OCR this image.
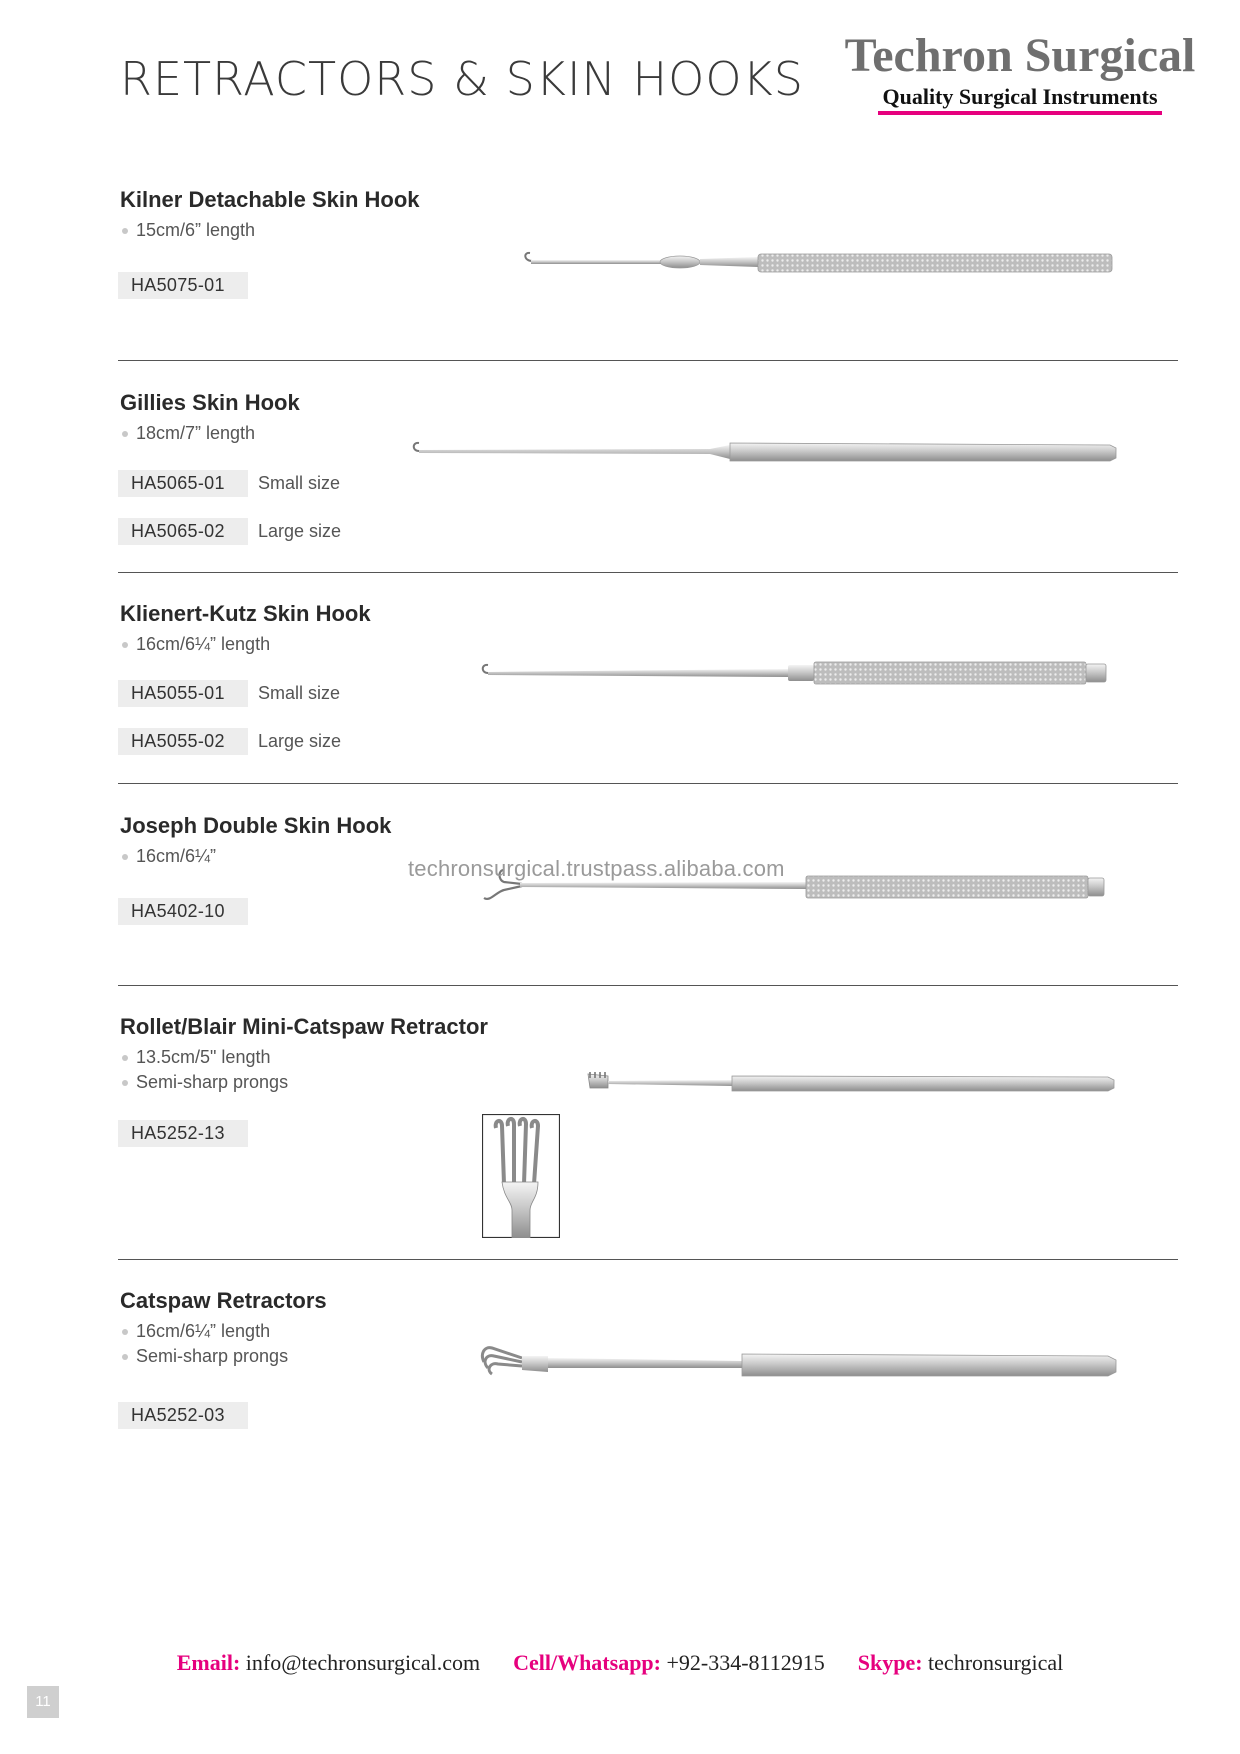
RETRACTORS & SKIN HOOKS Techron Surgical
Quality Surgical Instruments
Kilner Detachable Skin Hook
15cm/6” length
HA5075-01
Gillies Skin Hook
18cm/7” length
HA5065-01	Small size
HA5065-02	Large size
Klienert-Kutz Skin Hook
16cm/6¼” length
HA5055-01	Small size
HA5055-02	Large size
Joseph Double Skin Hook
16cm/6¼”
HA5402-10
techronsurgical.trustpass.alibaba.com
Rollet/Blair Mini-Catspaw Retractor
13.5cm/5" length
Semi-sharp prongs
HA5252-13
Catspaw Retractors
16cm/6¼” length
Semi-sharp prongs
HA5252-03
Email: info@techronsurgical.com Cell/Whatsapp: +92-334-8112915 Skype: techronsurgical
11
